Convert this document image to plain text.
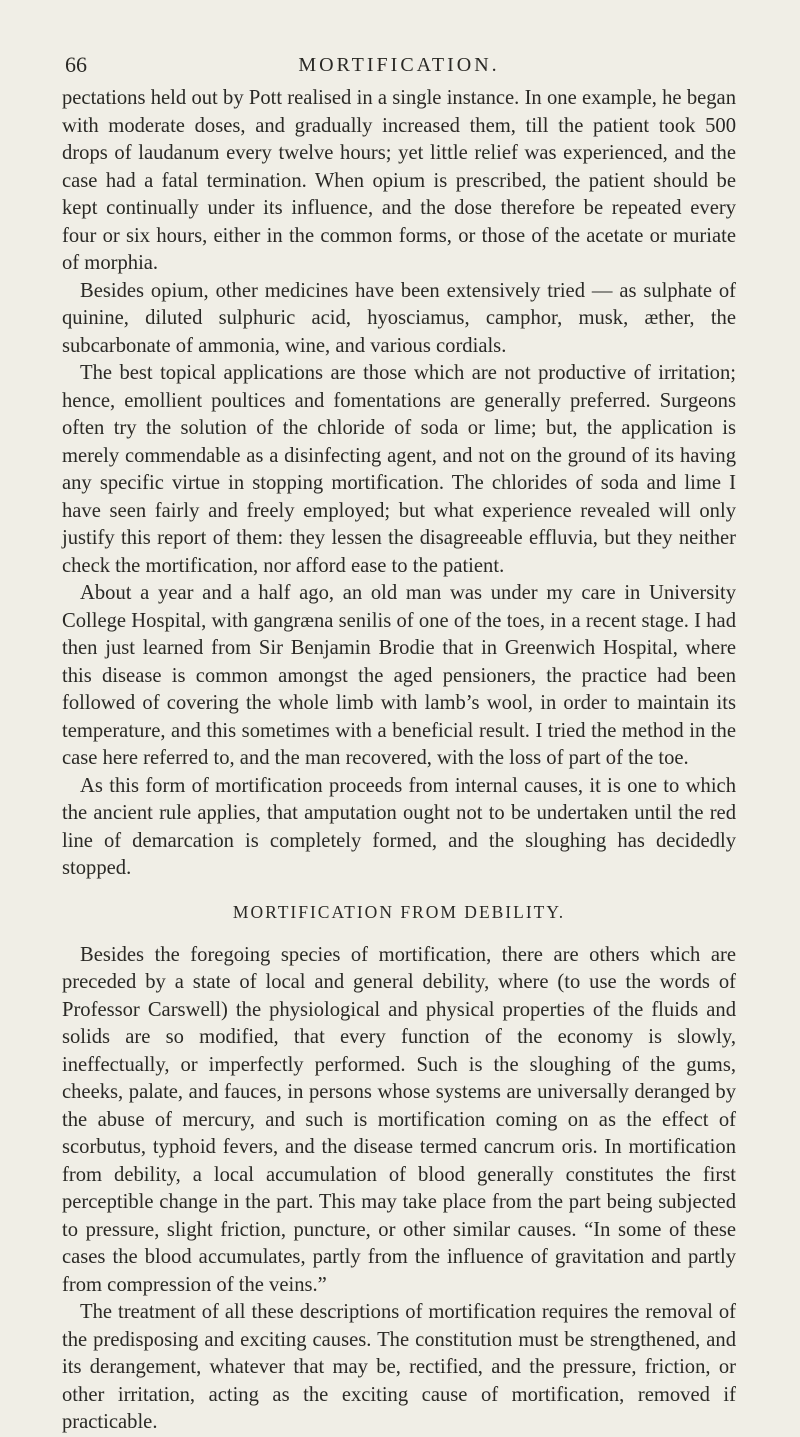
66	MORTIFICATION.

pectations held out by Pott realised in a single instance. In one example, he began with moderate doses, and gradually increased them, till the patient took 500 drops of laudanum every twelve hours; yet little relief was experienced, and the case had a fatal termination. When opium is prescribed, the patient should be kept continually under its influence, and the dose therefore be repeated every four or six hours, either in the common forms, or those of the acetate or muriate of morphia.

Besides opium, other medicines have been extensively tried — as sulphate of quinine, diluted sulphuric acid, hyosciamus, camphor, musk, æther, the subcarbonate of ammonia, wine, and various cordials.

The best topical applications are those which are not productive of irritation; hence, emollient poultices and fomentations are generally preferred. Surgeons often try the solution of the chloride of soda or lime; but, the application is merely commendable as a disinfecting agent, and not on the ground of its having any specific virtue in stopping mortification. The chlorides of soda and lime I have seen fairly and freely employed; but what experience revealed will only justify this report of them: they lessen the disagreeable effluvia, but they neither check the mortification, nor afford ease to the patient.

About a year and a half ago, an old man was under my care in University College Hospital, with gangræna senilis of one of the toes, in a recent stage. I had then just learned from Sir Benjamin Brodie that in Greenwich Hospital, where this disease is common amongst the aged pensioners, the practice had been followed of covering the whole limb with lamb’s wool, in order to maintain its temperature, and this sometimes with a beneficial result. I tried the method in the case here referred to, and the man recovered, with the loss of part of the toe.

As this form of mortification proceeds from internal causes, it is one to which the ancient rule applies, that amputation ought not to be undertaken until the red line of demarcation is completely formed, and the sloughing has decidedly stopped.

MORTIFICATION FROM DEBILITY.

Besides the foregoing species of mortification, there are others which are preceded by a state of local and general debility, where (to use the words of Professor Carswell) the physiological and physical properties of the fluids and solids are so modified, that every function of the economy is slowly, ineffectually, or imperfectly performed. Such is the sloughing of the gums, cheeks, palate, and fauces, in persons whose systems are universally deranged by the abuse of mercury, and such is mortification coming on as the effect of scorbutus, typhoid fevers, and the disease termed cancrum oris. In mortification from debility, a local accumulation of blood generally constitutes the first perceptible change in the part. This may take place from the part being subjected to pressure, slight friction, puncture, or other similar causes. “In some of these cases the blood accumulates, partly from the influence of gravitation and partly from compression of the veins.”

The treatment of all these descriptions of mortification requires the removal of the predisposing and exciting causes. The constitution must be strengthened, and its derangement, whatever that may be, rectified, and the pressure, friction, or other irritation, acting as the exciting cause of mortification, removed if practicable.
